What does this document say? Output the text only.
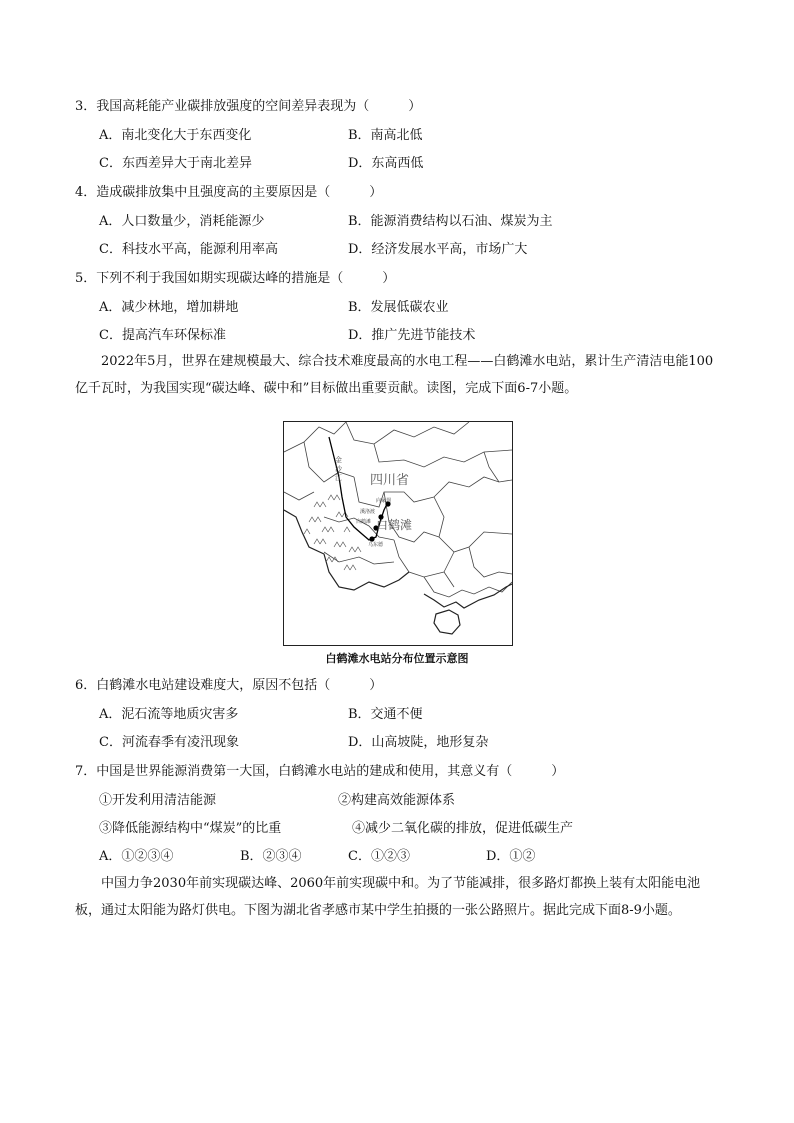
3．我国高耗能产业碳排放强度的空间差异表现为（　　　）
A．南北变化大于东西变化	B．南高北低
C．东西差异大于南北差异	D．东高西低
4．造成碳排放集中且强度高的主要原因是（　　　）
A．人口数量少，消耗能源少	B．能源消费结构以石油、煤炭为主
C．科技水平高，能源利用率高	D．经济发展水平高，市场广大
5．下列不利于我国如期实现碳达峰的措施是（　　　）
A．减少林地，增加耕地	B．发展低碳农业
C．提高汽车环保标准	D．推广先进节能技术
2022年5月，世界在建规模最大、综合技术难度最高的水电工程——白鹤滩水电站，累计生产清洁电能100亿千瓦时，为我国实现“碳达峰、碳中和”目标做出重要贡献。读图，完成下面6-7小题。
四川省
白鹤滩
向家坝
溪洛渡
白鹤滩
乌东德
金 沙 江
白鹤滩水电站分布位置示意图
6．白鹤滩水电站建设难度大，原因不包括（　　　）
A．泥石流等地质灾害多	B．交通不便
C．河流春季有凌汛现象	D．山高坡陡，地形复杂
7．中国是世界能源消费第一大国，白鹤滩水电站的建成和使用，其意义有（　　　）
①开发利用清洁能源	②构建高效能源体系
③降低能源结构中“煤炭”的比重	④减少二氧化碳的排放，促进低碳生产
A．①②③④	B．②③④	C．①②③	D．①②
中国力争2030年前实现碳达峰、2060年前实现碳中和。为了节能减排，很多路灯都换上装有太阳能电池板，通过太阳能为路灯供电。下图为湖北省孝感市某中学生拍摄的一张公路照片。据此完成下面8-9小题。
